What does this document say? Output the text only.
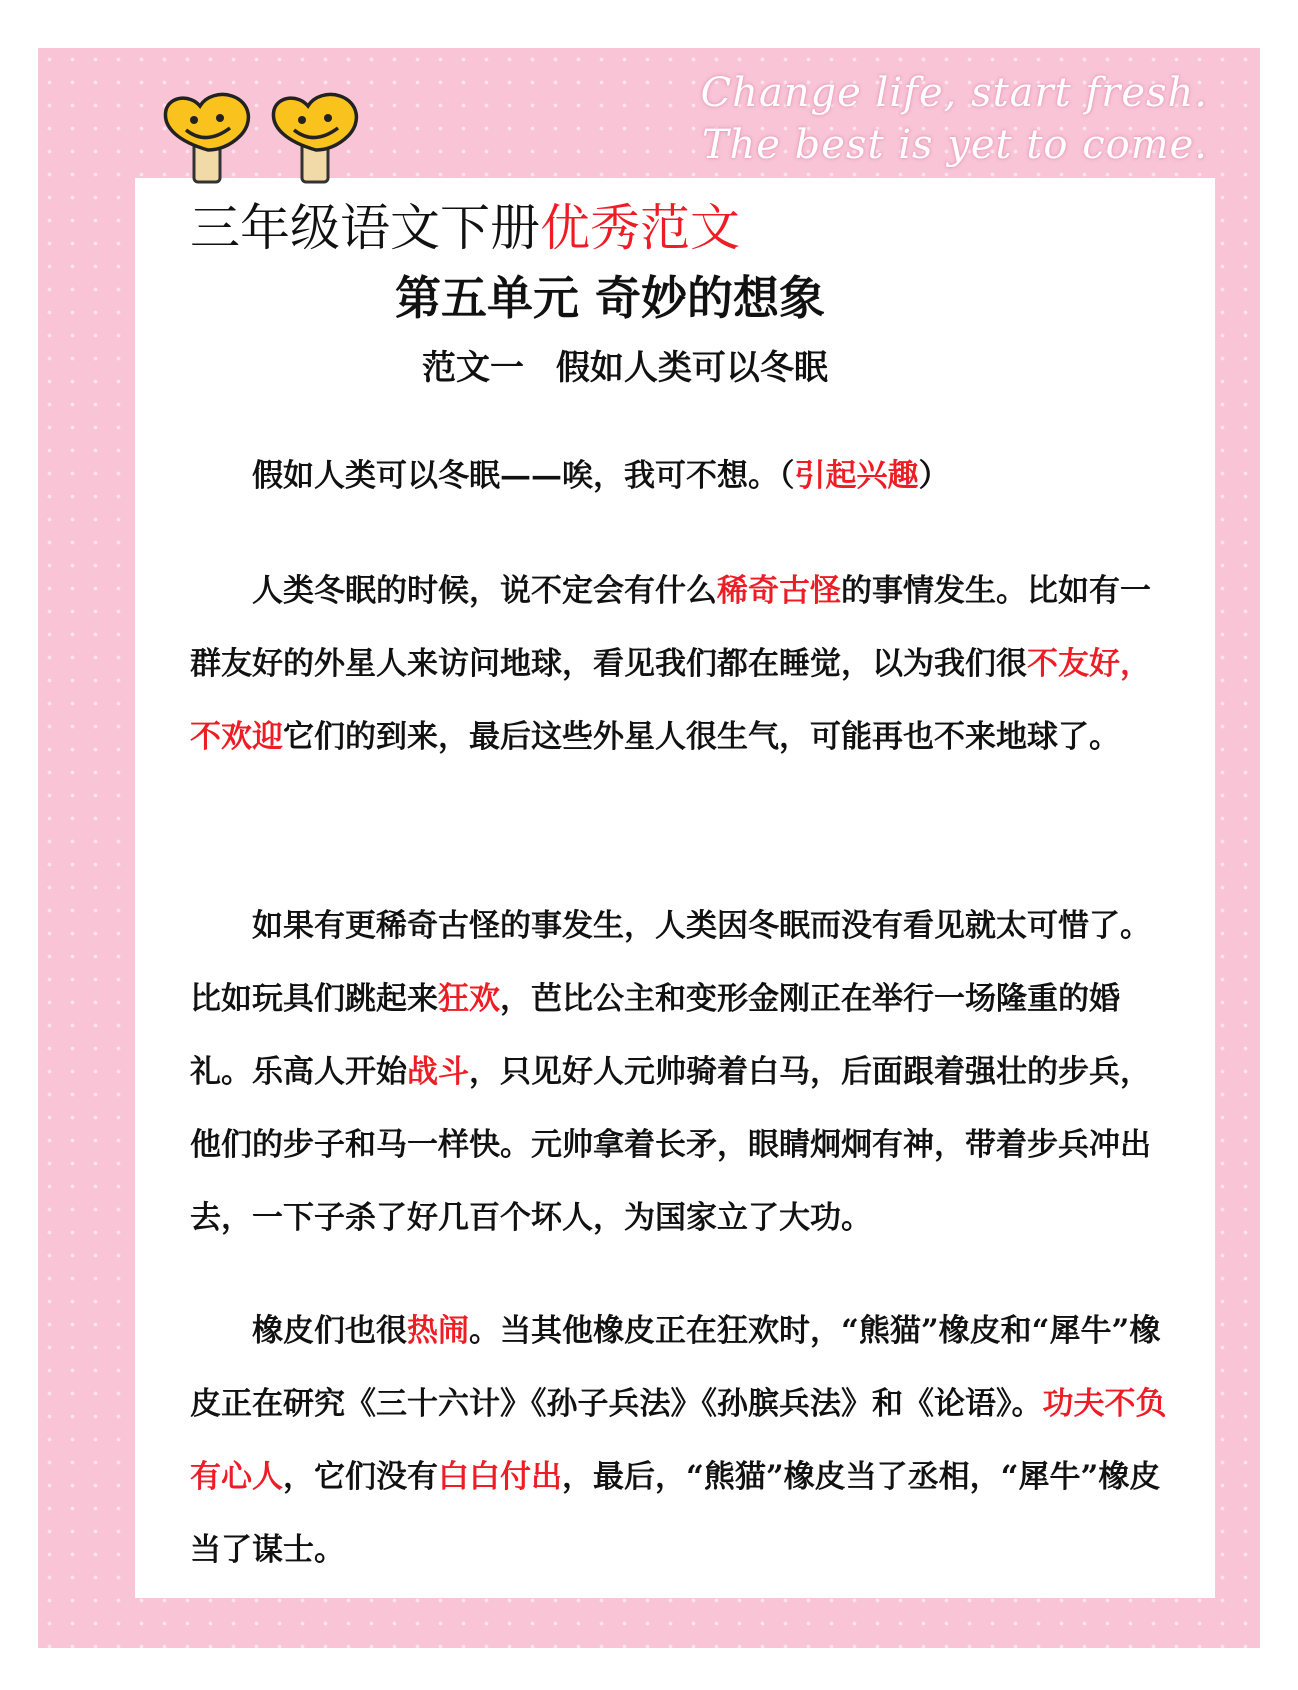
Change life, start fresh.
The best is yet to come.
三年级语文下册优秀范文
第五单元 奇妙的想象
范文一 假如人类可以冬眠

假如人类可以冬眠——唉，我可不想。（引起兴趣）

人类冬眠的时候，说不定会有什么稀奇古怪的事情发生。比如有一群友好的外星人来访问地球，看见我们都在睡觉，以为我们很不友好，不欢迎它们的到来，最后这些外星人很生气，可能再也不来地球了。

如果有更稀奇古怪的事发生，人类因冬眠而没有看见就太可惜了。比如玩具们跳起来狂欢，芭比公主和变形金刚正在举行一场隆重的婚礼。乐高人开始战斗，只见好人元帅骑着白马，后面跟着强壮的步兵，他们的步子和马一样快。元帅拿着长矛，眼睛炯炯有神，带着步兵冲出去，一下子杀了好几百个坏人，为国家立了大功。

橡皮们也很热闹。当其他橡皮正在狂欢时，“熊猫”橡皮和“犀牛”橡皮正在研究《三十六计》《孙子兵法》《孙膑兵法》和《论语》。功夫不负有心人，它们没有白白付出，最后，“熊猫”橡皮当了丞相，“犀牛”橡皮当了谋士。
